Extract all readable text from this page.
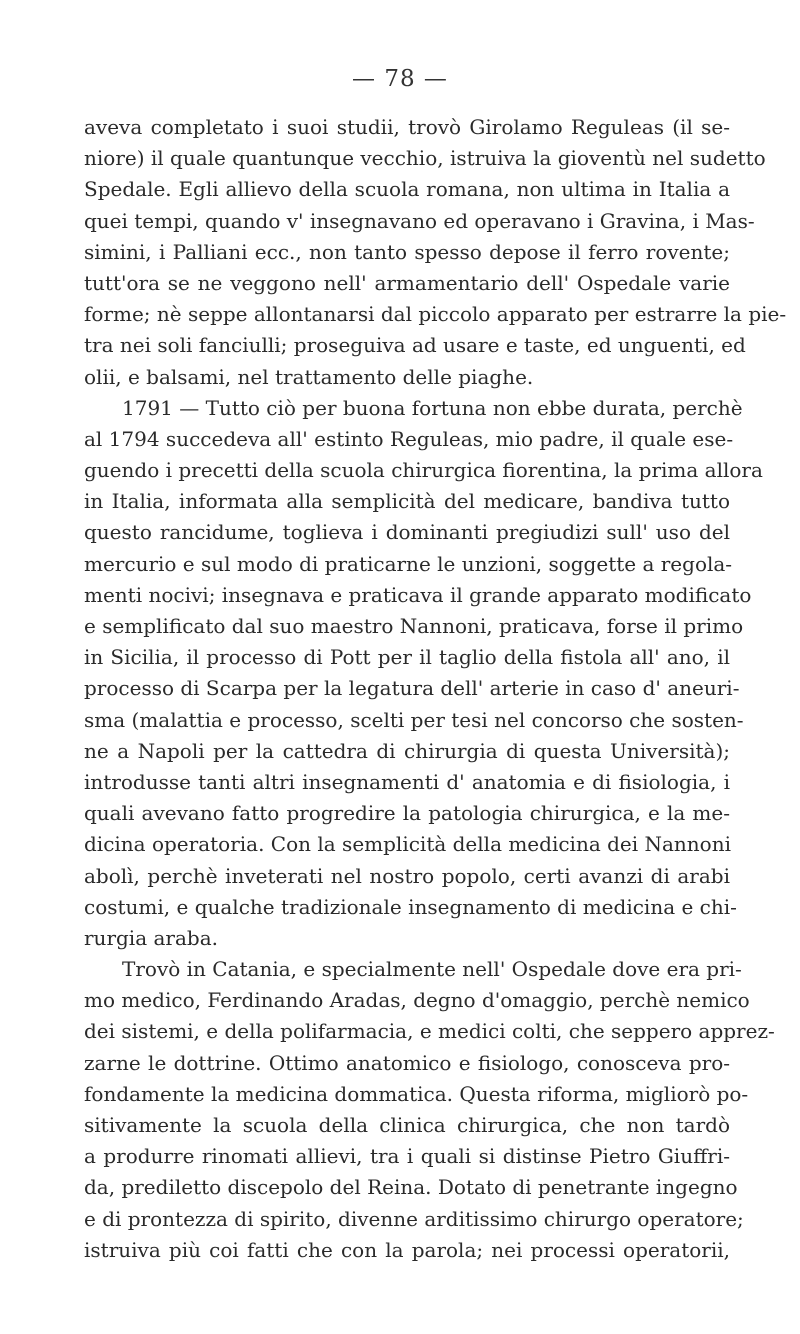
— 78 —
aveva completato i suoi studii, trovò Girolamo Reguleas (il se-
niore) il quale quantunque vecchio, istruiva la gioventù nel sudetto
Spedale. Egli allievo della scuola romana, non ultima in Italia a
quei tempi, quando v' insegnavano ed operavano i Gravina, i Mas-
simini, i Palliani ecc., non tanto spesso depose il ferro rovente;
tutt'ora se ne veggono nell' armamentario dell' Ospedale varie
forme; nè seppe allontanarsi dal piccolo apparato per estrarre la pie-
tra nei soli fanciulli; proseguiva ad usare e taste, ed unguenti, ed
olii, e balsami, nel trattamento delle piaghe.
1791 — Tutto ciò per buona fortuna non ebbe durata, perchè
al 1794 succedeva all' estinto Reguleas, mio padre, il quale ese-
guendo i precetti della scuola chirurgica fiorentina, la prima allora
in Italia, informata alla semplicità del medicare, bandiva tutto
questo rancidume, toglieva i dominanti pregiudizi sull' uso del
mercurio e sul modo di praticarne le unzioni, soggette a regola-
menti nocivi; insegnava e praticava il grande apparato modificato
e semplificato dal suo maestro Nannoni, praticava, forse il primo
in Sicilia, il processo di Pott per il taglio della fistola all' ano, il
processo di Scarpa per la legatura dell' arterie in caso d' aneuri-
sma (malattia e processo, scelti per tesi nel concorso che sosten-
ne a Napoli per la cattedra di chirurgia di questa Università);
introdusse tanti altri insegnamenti d' anatomia e di fisiologia, i
quali avevano fatto progredire la patologia chirurgica, e la me-
dicina operatoria. Con la semplicità della medicina dei Nannoni
abolì, perchè inveterati nel nostro popolo, certi avanzi di arabi
costumi, e qualche tradizionale insegnamento di medicina e chi-
rurgia araba.
Trovò in Catania, e specialmente nell' Ospedale dove era pri-
mo medico, Ferdinando Aradas, degno d'omaggio, perchè nemico
dei sistemi, e della polifarmacia, e medici colti, che seppero apprez-
zarne le dottrine. Ottimo anatomico e fisiologo, conosceva pro-
fondamente la medicina dommatica. Questa riforma, migliorò po-
sitivamente la scuola della clinica chirurgica, che non tardò
a produrre rinomati allievi, tra i quali si distinse Pietro Giuffri-
da, prediletto discepolo del Reina. Dotato di penetrante ingegno
e di prontezza di spirito, divenne arditissimo chirurgo operatore;
istruiva più coi fatti che con la parola; nei processi operatorii,
